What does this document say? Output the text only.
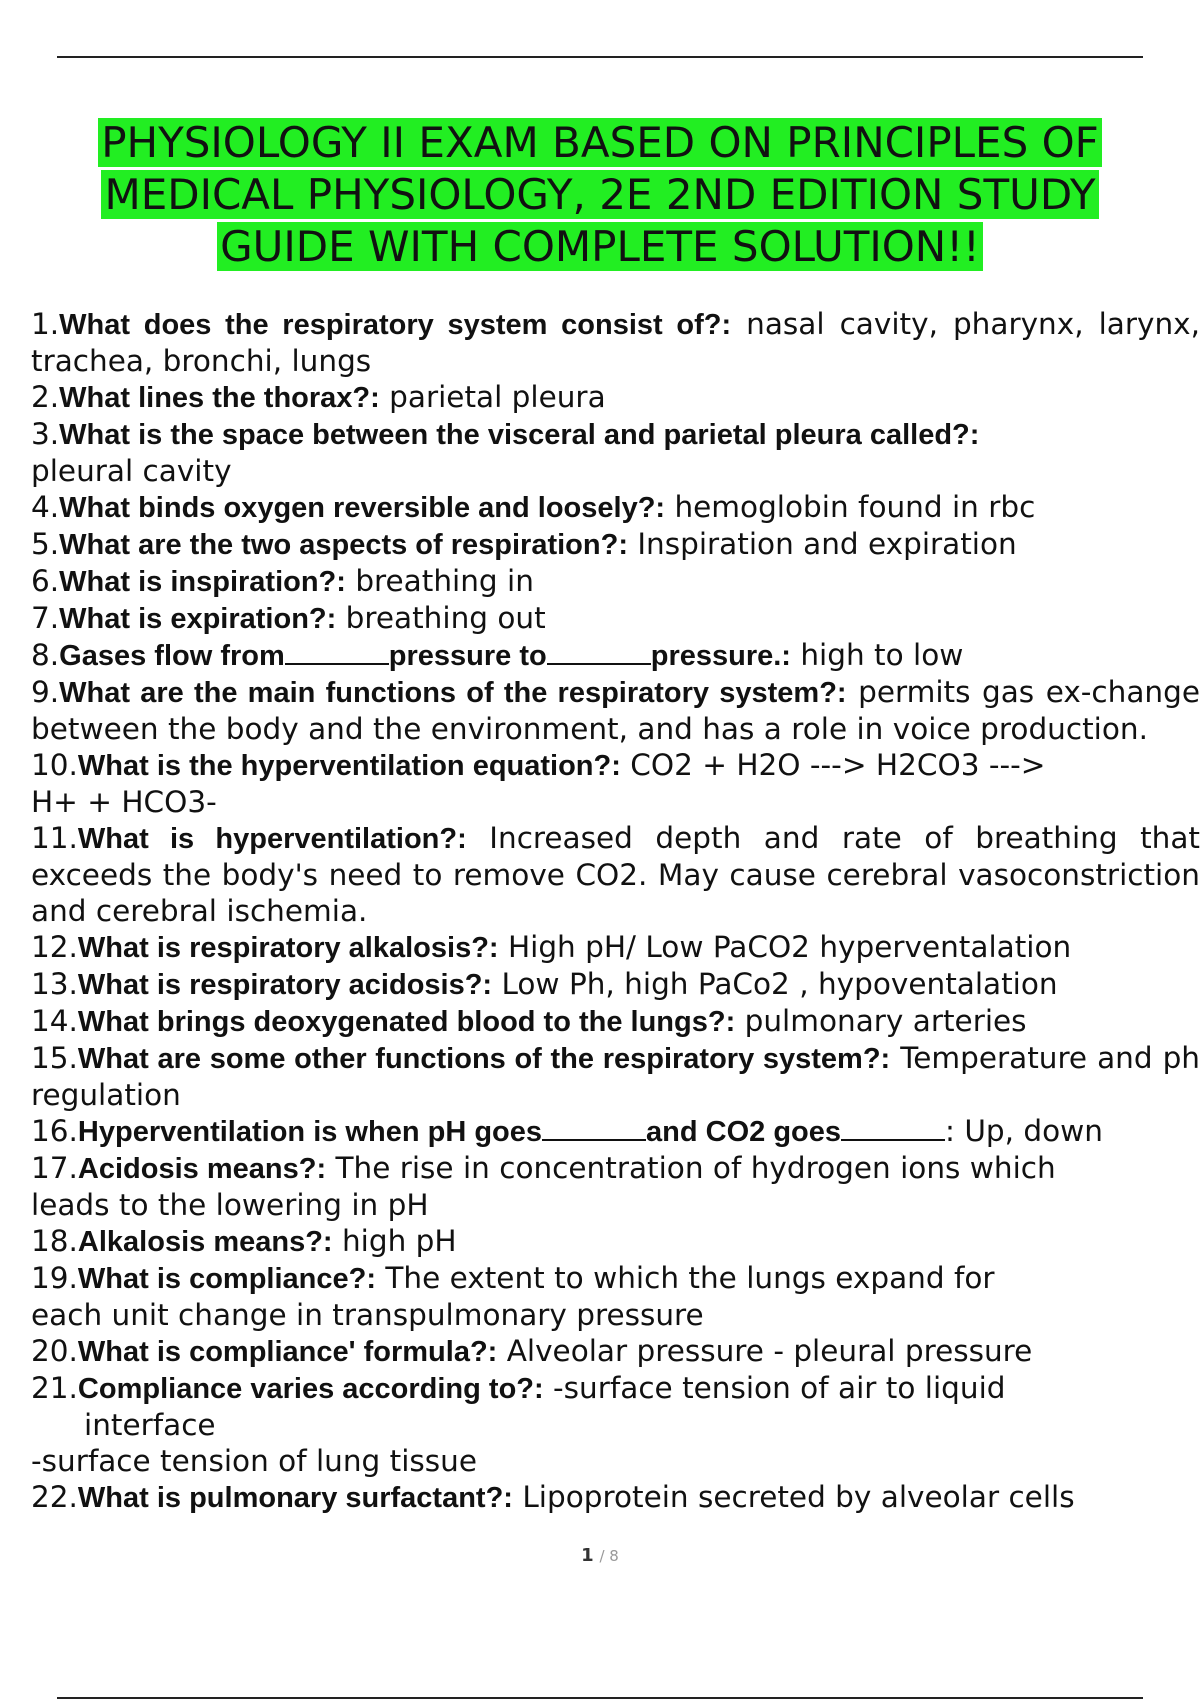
PHYSIOLOGY II EXAM BASED ON PRINCIPLES OF
MEDICAL PHYSIOLOGY, 2E 2ND EDITION STUDY
GUIDE WITH COMPLETE SOLUTION!!
1.What does the respiratory system consist of?: nasal cavity, pharynx, larynx, trachea, bronchi, lungs
2.What lines the thorax?: parietal pleura
3.What is the space between the visceral and parietal pleura called?:
pleural cavity
4.What binds oxygen reversible and loosely?: hemoglobin found in rbc
5.What are the two aspects of respiration?: Inspiration and expiration
6.What is inspiration?: breathing in
7.What is expiration?: breathing out
8.Gases flow from	pressure to	pressure.: high to low
9.What are the main functions of the respiratory system?: permits gas ex-change between the body and the environment, and has a role in voice production.
10.What is the hyperventilation equation?: CO2 + H2O ---> H2CO3 --->
H+ + HCO3-
11.What is hyperventilation?: Increased depth and rate of breathing that exceeds the body's need to remove CO2. May cause cerebral vasoconstriction and cerebral ischemia.
12.What is respiratory alkalosis?: High pH/ Low PaCO2 hyperventalation
13.What is respiratory acidosis?: Low Ph, high PaCo2 , hypoventalation
14.What brings deoxygenated blood to the lungs?: pulmonary arteries
15.What are some other functions of the respiratory system?: Temperature and ph regulation
16.Hyperventilation is when pH goes	and CO2 goes	: Up, down
17.Acidosis means?: The rise in concentration of hydrogen ions which
leads to the lowering in pH
18.Alkalosis means?: high pH
19.What is compliance?: The extent to which the lungs expand for
each unit change in transpulmonary pressure
20.What is compliance' formula?: Alveolar pressure - pleural pressure
21.Compliance varies according to?: -surface tension of air to liquid
interface
-surface tension of lung tissue
22.What is pulmonary surfactant?: Lipoprotein secreted by alveolar cells
1 / 8
